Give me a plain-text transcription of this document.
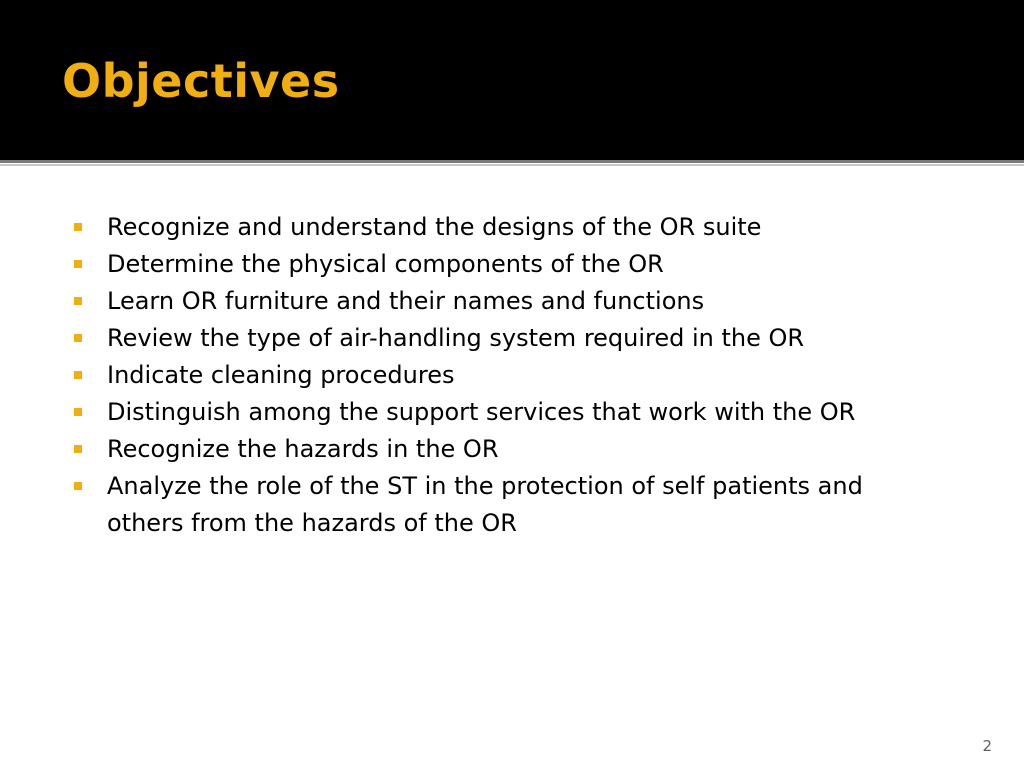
Objectives
Recognize and understand the designs of the OR suite
Determine the physical components of the OR
Learn OR furniture and their names and functions
Review the type of air-handling system required in the OR
Indicate cleaning procedures
Distinguish among the support services that work with the OR
Recognize the hazards in the OR
Analyze the role of the ST in the protection of self patients and others from the hazards of the OR
2
